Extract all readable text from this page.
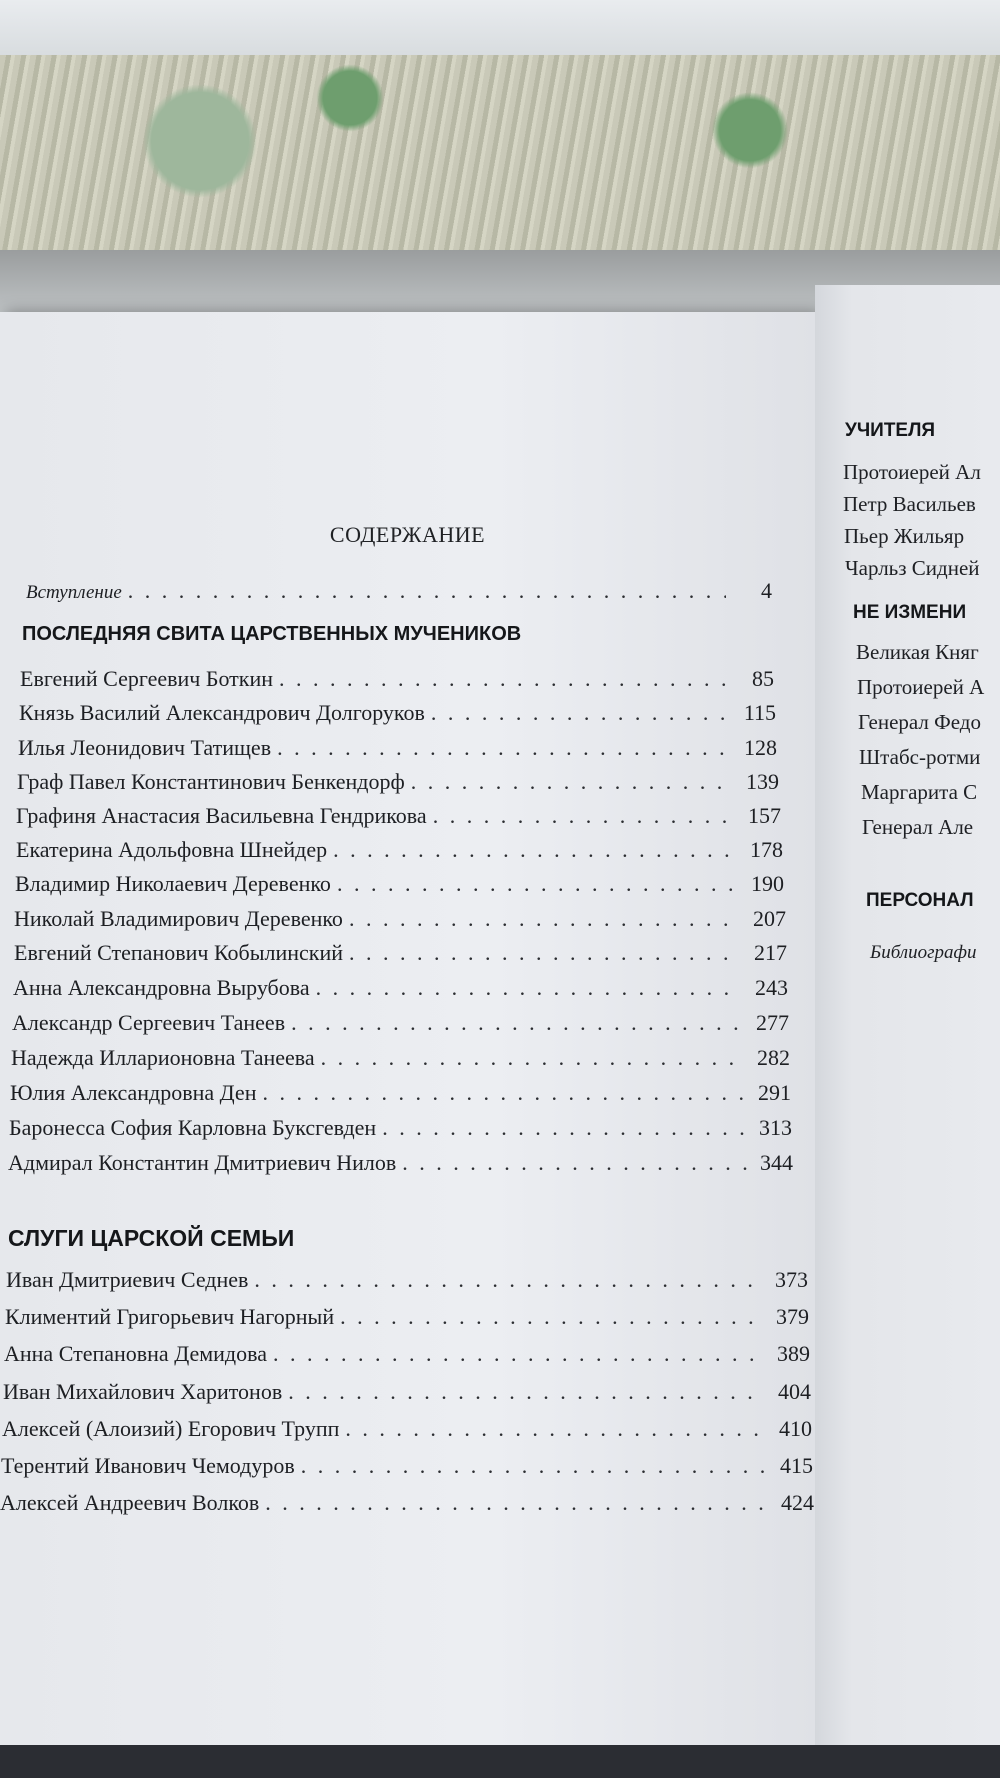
СОДЕРЖАНИЕ
Вступление . . .	4
ПОСЛЕДНЯЯ СВИТА ЦАРСТВЕННЫХ МУЧЕНИКОВ
Евгений Сергеевич Боткин . . .	85
Князь Василий Александрович Долгоруков . . .	115
Илья Леонидович Татищев . . .	128
Граф Павел Константинович Бенкендорф . . .	139
Графиня Анастасия Васильевна Гендрикова . . .	157
Екатерина Адольфовна Шнейдер . . .	178
Владимир Николаевич Деревенко . . .	190
Николай Владимирович Деревенко . . .	207
Евгений Степанович Кобылинский . . .	217
Анна Александровна Вырубова . . .	243
Александр Сергеевич Танеев . . .	277
Надежда Илларионовна Танеева . . .	282
Юлия Александровна Ден . . .	291
Баронесса София Карловна Буксгевден . . .	313
Адмирал Константин Дмитриевич Нилов . . .	344
СЛУГИ ЦАРСКОЙ СЕМЬИ
Иван Дмитриевич Седнев . . .	373
Климентий Григорьевич Нагорный . . .	379
Анна Степановна Демидова . . .	389
Иван Михайлович Харитонов . . .	404
Алексей (Алоизий) Егорович Трупп . . .	410
Терентий Иванович Чемодуров . . .	415
Алексей Андреевич Волков . . .	424
УЧИТЕЛЯ
Протоиерей Ал
Петр Васильев
Пьер Жильяр
Чарльз Сидней
НЕ ИЗМЕНИ
Великая Княг
Протоиерей А
Генерал Федо
Штабс-ротми
Маргарита С
Генерал Але
ПЕРСОНАЛ
Библиографи
